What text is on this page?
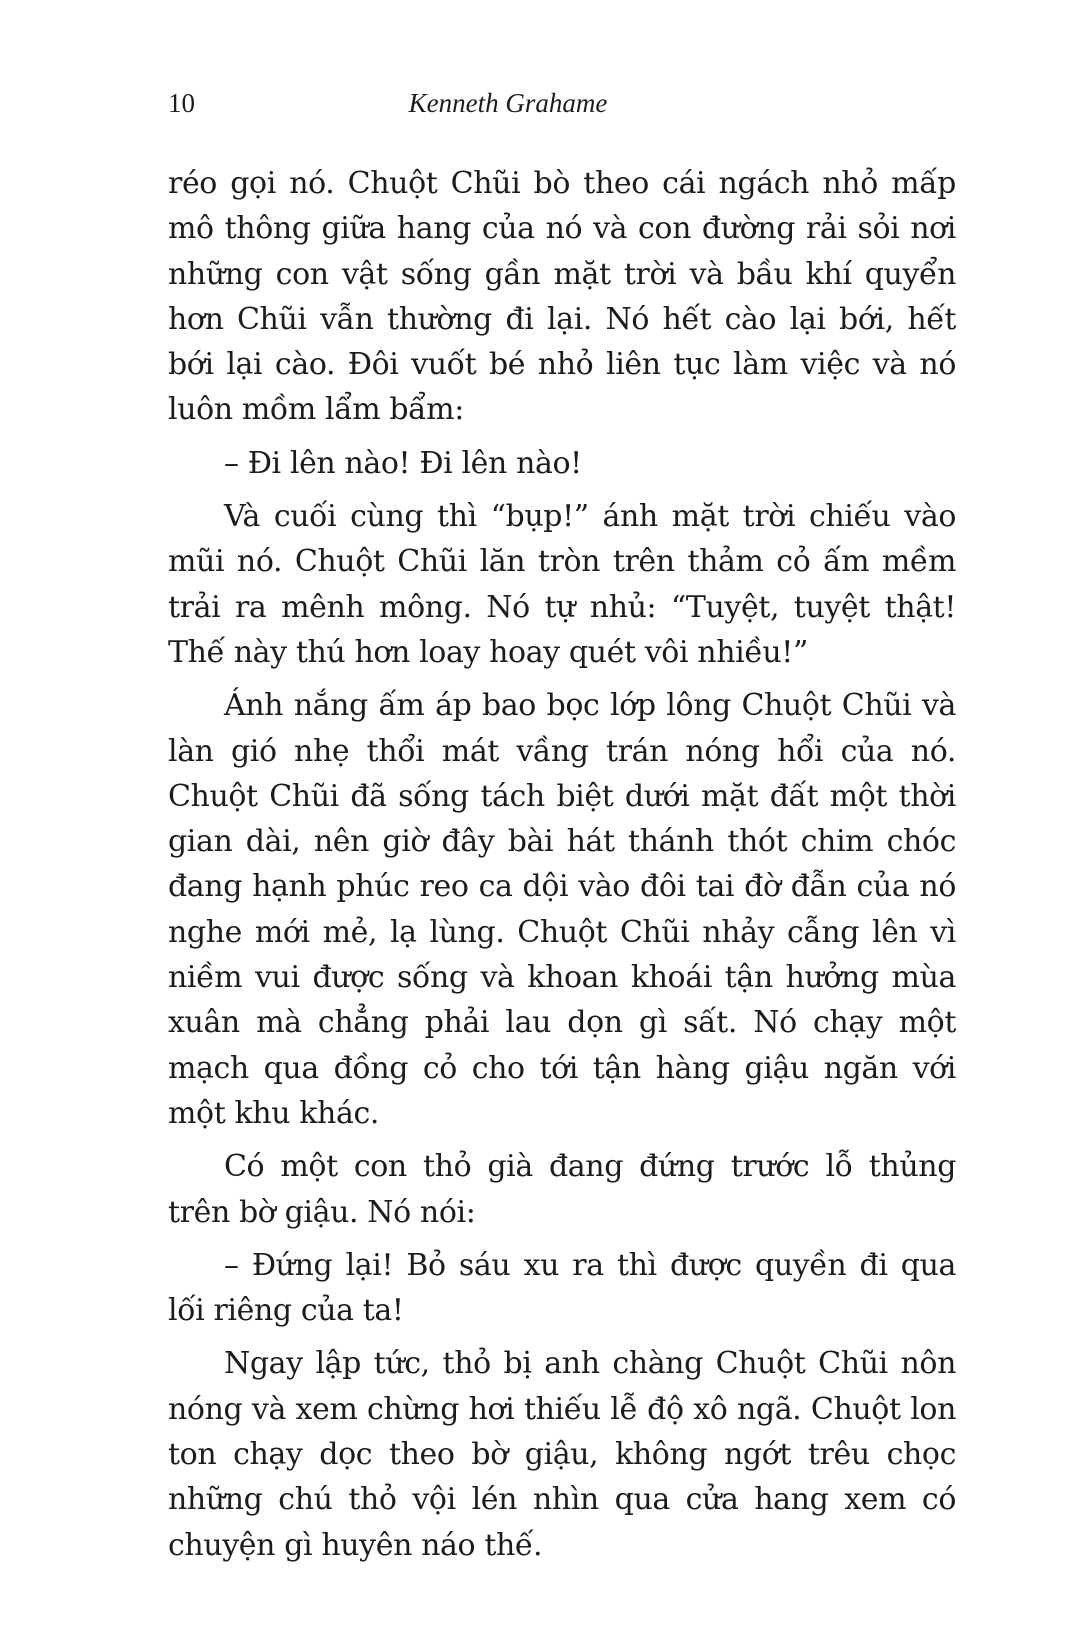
10	Kenneth Grahame

réo gọi nó. Chuột Chũi bò theo cái ngách nhỏ mấp mô thông giữa hang của nó và con đường rải sỏi nơi những con vật sống gần mặt trời và bầu khí quyển hơn Chũi vẫn thường đi lại. Nó hết cào lại bới, hết bới lại cào. Đôi vuốt bé nhỏ liên tục làm việc và nó luôn mồm lẩm bẩm:

– Đi lên nào! Đi lên nào!

Và cuối cùng thì “bụp!” ánh mặt trời chiếu vào mũi nó. Chuột Chũi lăn tròn trên thảm cỏ ấm mềm trải ra mênh mông. Nó tự nhủ: “Tuyệt, tuyệt thật! Thế này thú hơn loay hoay quét vôi nhiều!”

Ánh nắng ấm áp bao bọc lớp lông Chuột Chũi và làn gió nhẹ thổi mát vầng trán nóng hổi của nó. Chuột Chũi đã sống tách biệt dưới mặt đất một thời gian dài, nên giờ đây bài hát thánh thót chim chóc đang hạnh phúc reo ca dội vào đôi tai đờ đẫn của nó nghe mới mẻ, lạ lùng. Chuột Chũi nhảy cẫng lên vì niềm vui được sống và khoan khoái tận hưởng mùa xuân mà chẳng phải lau dọn gì sất. Nó chạy một mạch qua đồng cỏ cho tới tận hàng giậu ngăn với một khu khác.

Có một con thỏ già đang đứng trước lỗ thủng trên bờ giậu. Nó nói:

– Đứng lại! Bỏ sáu xu ra thì được quyền đi qua lối riêng của ta!

Ngay lập tức, thỏ bị anh chàng Chuột Chũi nôn nóng và xem chừng hơi thiếu lễ độ xô ngã. Chuột lon ton chạy dọc theo bờ giậu, không ngớt trêu chọc những chú thỏ vội lén nhìn qua cửa hang xem có chuyện gì huyên náo thế.
